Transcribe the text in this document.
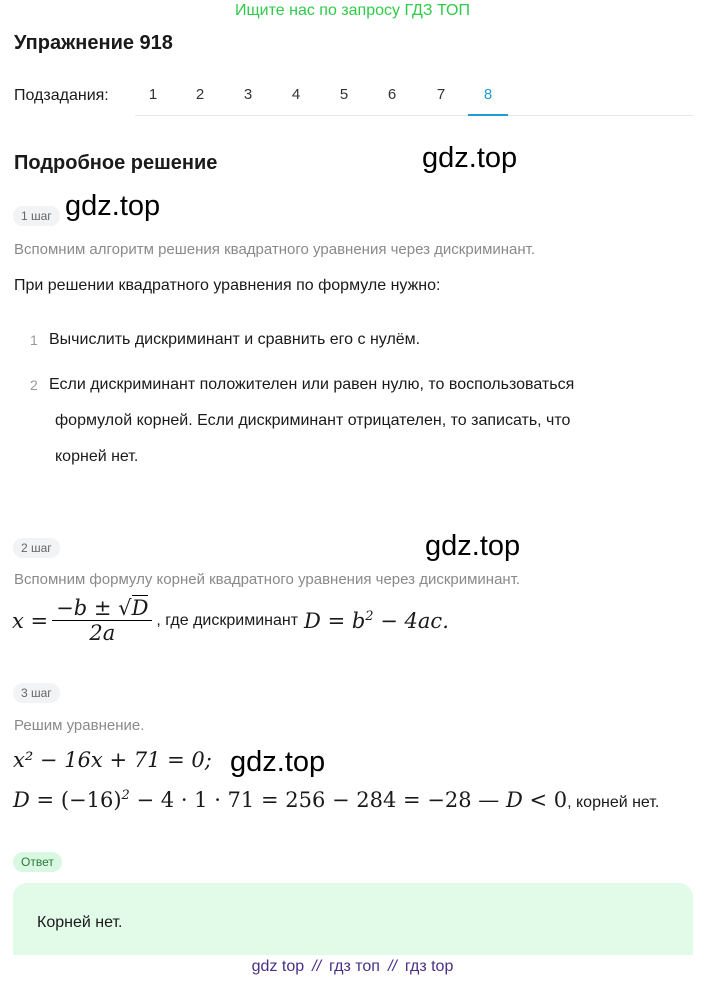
Ищите нас по запросу ГДЗ ТОП
Упражнение 918
Подзадания:	1	2	3	4	5	6	7	8
Подробное решение	gdz.top
1 шаг gdz.top
Вспомним алгоритм решения квадратного уравнения через дискриминант.
При решении квадратного уравнения по формуле нужно:
1 Вычислить дискриминант и сравнить его с нулём.
2 Если дискриминант положителен или равен нулю, то воспользоваться
формулой корней. Если дискриминант отрицателен, то записать, что
корней нет.
2 шаг	gdz.top
Вспомним формулу корней квадратного уравнения через дискриминант.
$x = \frac{-b \pm √D}{2a}$ , где дискриминант $D = b^2 - 4ac$.
3 шаг
Решим уравнение.
x² − 16x + 71 = 0; gdz.top
$D = (-16)^2 - 4 \cdot 1 \cdot 71 = 256 - 284 = -28$ — D < 0 , корней нет.
Ответ
Корней нет.
gdz top // гдз топ // гдз top
